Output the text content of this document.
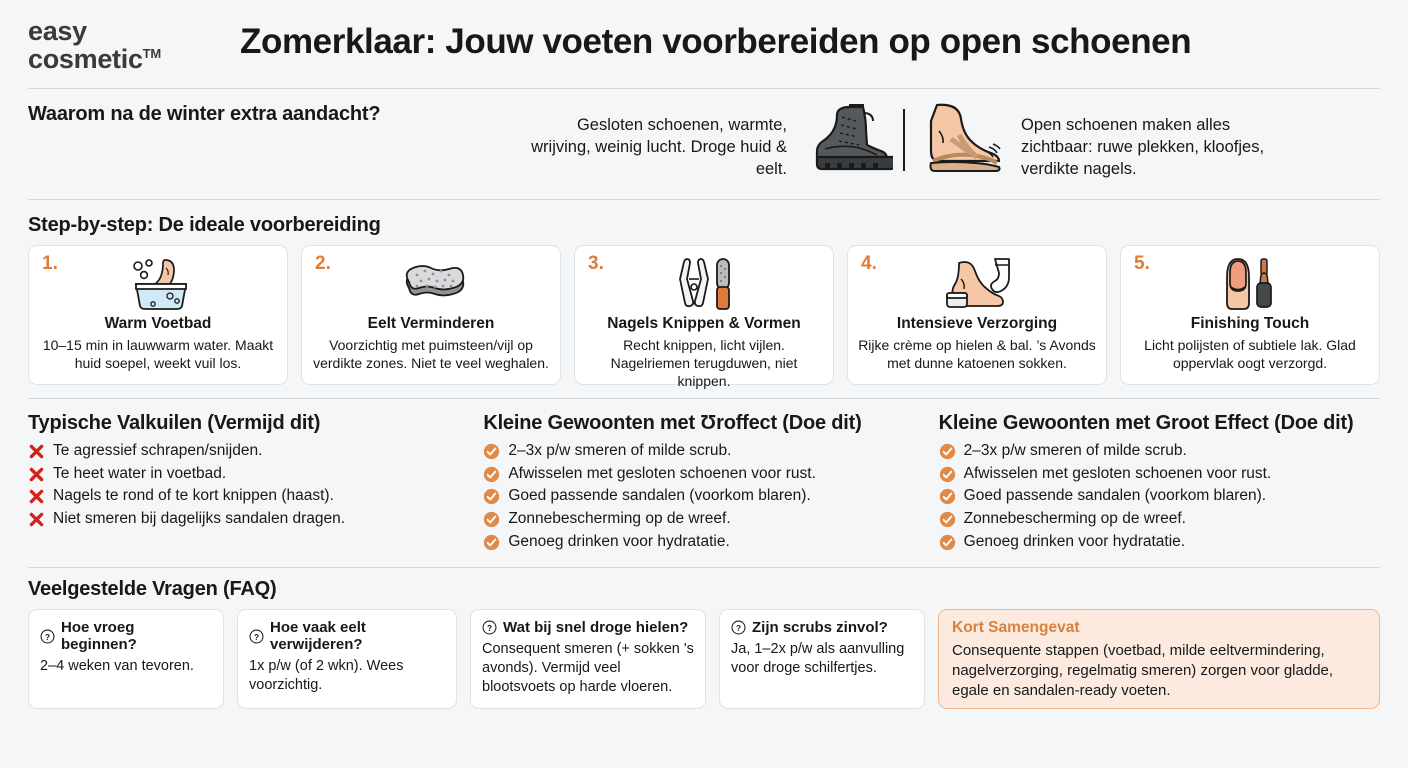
easy
cosmetic™	Zomerklaar: Jouw voeten voorbereiden op open schoenen
Waarom na de winter extra aandacht?	Gesloten schoenen, warmte, wrijving, weinig lucht. Droge huid & eelt.
Open schoenen maken alles zichtbaar: ruwe plekken, kloofjes, verdikte nagels.
Step-by-step: De ideale voorbereiding
1.
Warm Voetbad
10–15 min in lauwwarm water. Maakt huid soepel, weekt vuil los.
2.
Eelt Verminderen
Voorzichtig met puimsteen/vijl op verdikte zones. Niet te veel weghalen.
3.
Nagels Knippen & Vormen
Recht knippen, licht vijlen. Nagelriemen terugduwen, niet knippen.
4.
Intensieve Verzorging
Rijke crème op hielen & bal. ’s Avonds met dunne katoenen sokken.
5.
Finishing Touch
Licht polijsten of subtiele lak. Glad oppervlak oogt verzorgd.
Typische Valkuilen (Vermijd dit)
Te agressief schrapen/snijden.
Te heet water in voetbad.
Nagels te rond of te kort knippen (haast).
Niet smeren bij dagelijks sandalen dragen.
Kleine Gewoonten met Ʊroffect (Doe dit)
2–3x p/w smeren of milde scrub.
Afwisselen met gesloten schoenen voor rust.
Goed passende sandalen (voorkom blaren).
Zonnebescherming op de wreef.
Genoeg drinken voor hydratatie.
Kleine Gewoonten met Groot Effect (Doe dit)
2–3x p/w smeren of milde scrub.
Afwisselen met gesloten schoenen voor rust.
Goed passende sandalen (voorkom blaren).
Zonnebescherming op de wreef.
Genoeg drinken voor hydratatie.
Veelgestelde Vragen (FAQ)
?
Hoe vroeg beginnen?
2–4 weken van tevoren.
?
Hoe vaak eelt verwijderen?
1x p/w (of 2 wkn). Wees voorzichtig.
? Wat bij snel droge hielen?
Consequent smeren (+ sokken 's avonds). Vermijd veel blootsvoets op harde vloeren.
? Zijn scrubs zinvol?
Ja, 1–2x p/w als aanvulling voor droge schilfertjes.
Kort Samengevat
Consequente stappen (voetbad, milde eeltvermindering, nagelverzorging, regelmatig smeren) zorgen voor gladde, egale en sandalen-ready voeten.
